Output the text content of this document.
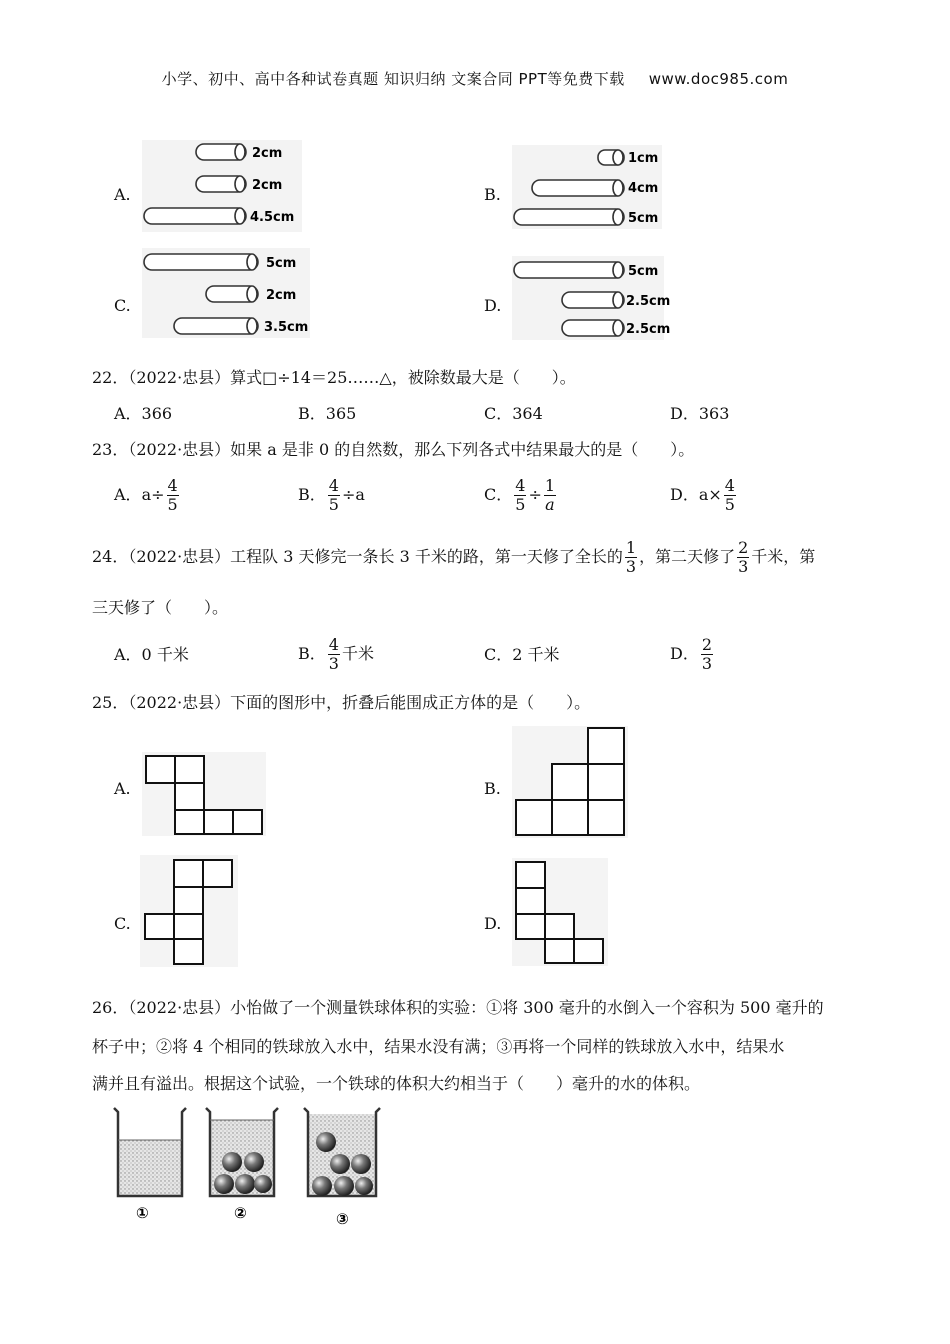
小学、初中、高中各种试卷真题 知识归纳 文案合同 PPT等免费下载 www.doc985.com
A.
2cm
2cm
4.5cm
B.
1cm
4cm
5cm
C.
5cm
2cm
3.5cm
D.
5cm
2.5cm
2.5cm
22．（2022·忠县）算式□÷14＝25……△，被除数最大是（　　）。
A．366	B．365	C．364	D．363
23．（2022·忠县）如果 a 是非 0 的自然数，那么下列各式中结果最大的是（　　）。
A．$a\div \frac{4}{5}$	B． $\frac{4}{5} \div a$	C． $\frac{4}{5} \div \frac{1}{a}$	D．$a\times \frac{4}{5}$
24．（2022·忠县）工程队 3 天修完一条长 3 千米的路，第一天修了全长的 $\frac{1}{3}$ ，第二天修了 $\frac{2}{3}$ 千米，第
三天修了（　　）。
A．0 千米	B． $\frac{4}{3}$ 千米	C．2 千米	D． $\frac{2}{3}$
25．（2022·忠县）下面的图形中，折叠后能围成正方体的是（　　）。
A.	B.
C.	D.
26．（2022·忠县）小怡做了一个测量铁球体积的实验：①将 300 毫升的水倒入一个容积为 500 毫升的
杯子中；②将 4 个相同的铁球放入水中，结果水没有满；③再将一个同样的铁球放入水中，结果水
满并且有溢出。根据这个试验，一个铁球的体积大约相当于（　　）毫升的水的体积。
①	②	③
